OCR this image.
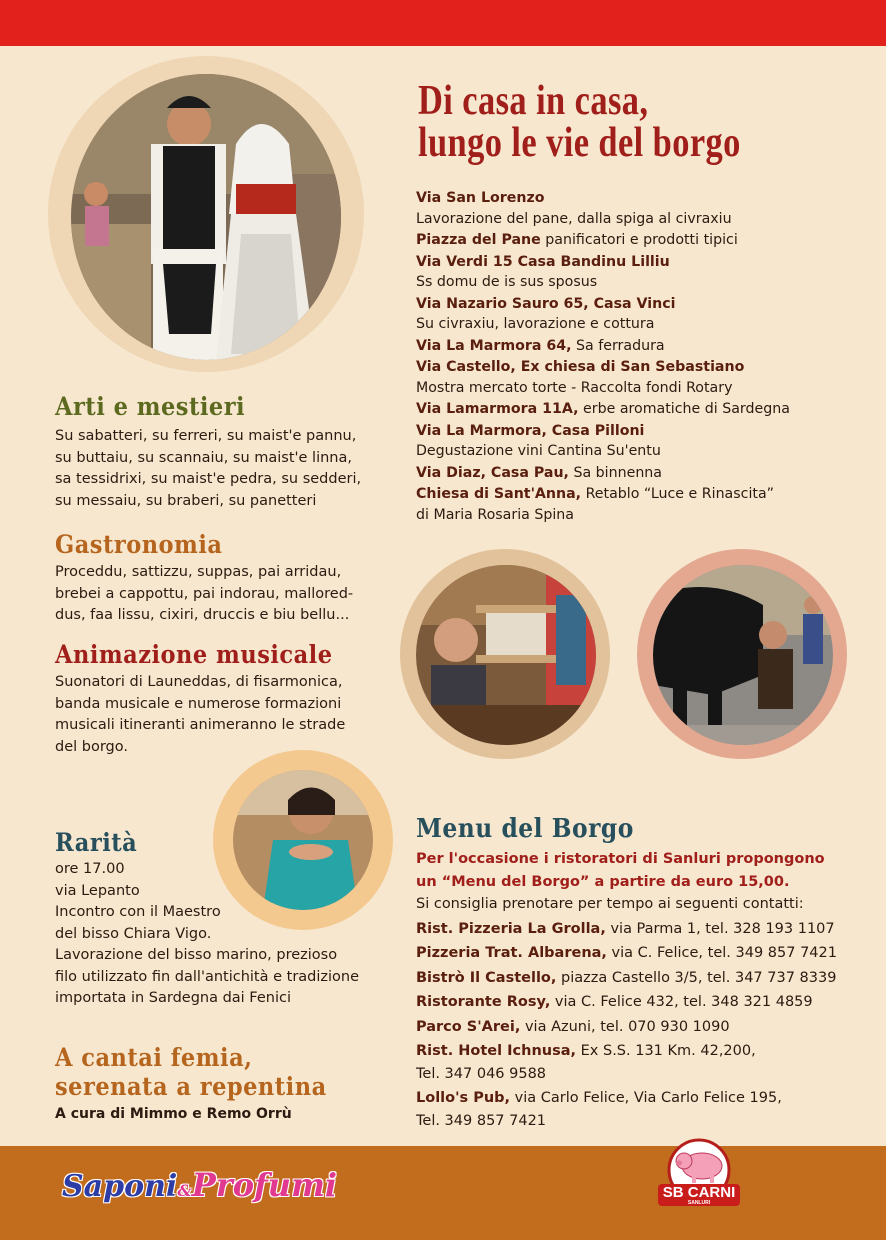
Di casa in casa,
lungo le vie del borgo
Via San Lorenzo
Lavorazione del pane, dalla spiga al civraxiu
Piazza del Pane panificatori e prodotti tipici
Via Verdi 15 Casa Bandinu Lilliu
Ss domu de is sus sposus
Via Nazario Sauro 65, Casa Vinci
Su civraxiu, lavorazione e cottura
Via La Marmora 64, Sa ferradura
Via Castello, Ex chiesa di San Sebastiano
Mostra mercato torte - Raccolta fondi Rotary
Via Lamarmora 11A, erbe aromatiche di Sardegna
Via La Marmora, Casa Pilloni
Degustazione vini Cantina Su'entu
Via Diaz, Casa Pau, Sa binnenna
Chiesa di Sant'Anna, Retablo “Luce e Rinascita”
di Maria Rosaria Spina
Arti e mestieri
Su sabatteri, su ferreri, su maist'e pannu,
su buttaiu, su scannaiu, su maist'e linna,
sa tessidrixi, su maist'e pedra, su sedderi,
su messaiu, su braberi, su panetteri
Gastronomia
Proceddu, sattizzu, suppas, pai arridau,
brebei a cappottu, pai indorau, mallored-
dus, faa lissu, cixiri, druccis e biu bellu...
Animazione musicale
Suonatori di Launeddas, di fisarmonica,
banda musicale e numerose formazioni
musicali itineranti animeranno le strade
del borgo.
Rarità
ore 17.00
via Lepanto
Incontro con il Maestro
del bisso Chiara Vigo.
Lavorazione del bisso marino, prezioso
filo utilizzato fin dall'antichità e tradizione
importata in Sardegna dai Fenici
A cantai femia,
serenata a repentina
A cura di Mimmo e Remo Orrù
Menu del Borgo
Per l'occasione i ristoratori di Sanluri propongono
un “Menu del Borgo” a partire da euro 15,00.
Si consiglia prenotare per tempo ai seguenti contatti:
Rist. Pizzeria La Grolla, via Parma 1, tel. 328 193 1107
Pizzeria Trat. Albarena, via C. Felice, tel. 349 857 7421
Bistrò Il Castello, piazza Castello 3/5, tel. 347 737 8339
Ristorante Rosy, via C. Felice 432, tel. 348 321 4859
Parco S'Arei, via Azuni, tel. 070 930 1090
Rist. Hotel Ichnusa, Ex S.S. 131 Km. 42,200,
Tel. 347 046 9588
Lollo's Pub, via Carlo Felice, Via Carlo Felice 195,
Tel. 349 857 7421
Saponi&Profumi	SB CARNI
SANLURI
